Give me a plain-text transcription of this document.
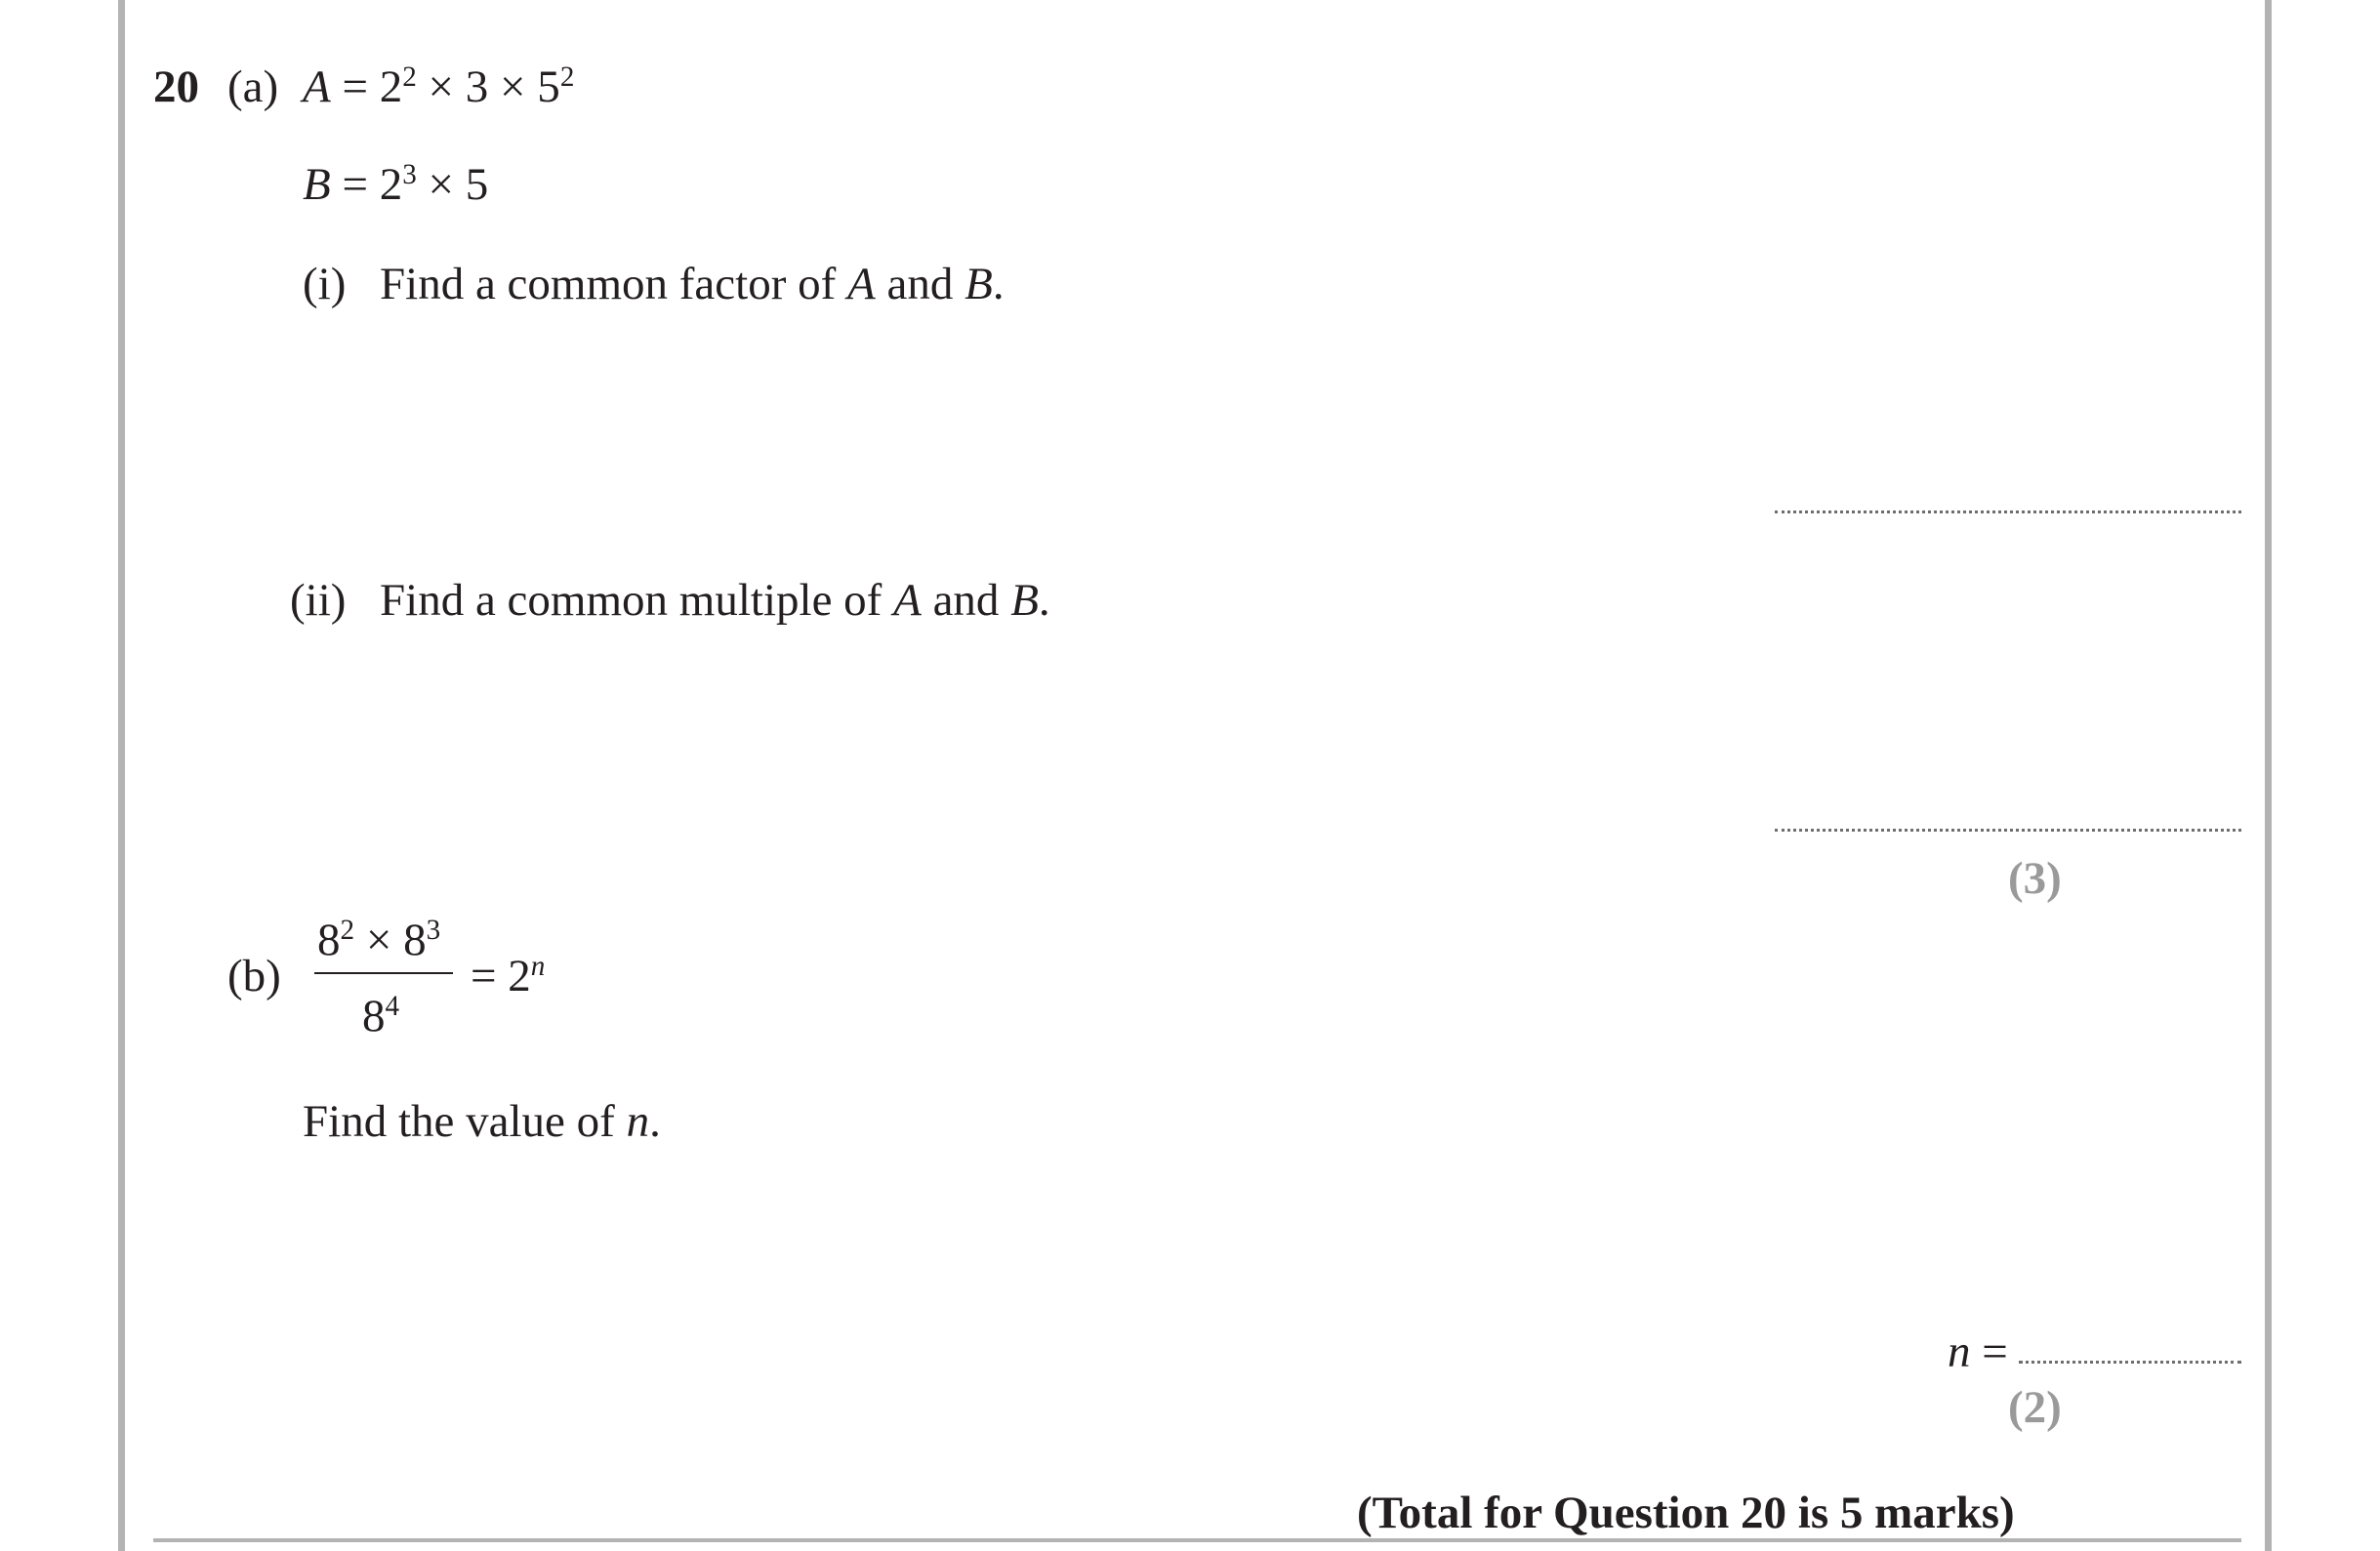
20 (a) $A = 2^2 \times 3 \times 5^2$
$B = 2^3 \times 5$
(i) Find a common factor of A and B.
(ii) Find a common multiple of A and B.
(3)
(b)
$8^2 \times 8^3$
$8^4$
= $2^n$
Find the value of n.
n =
(2)
(Total for Question 20 is 5 marks)
